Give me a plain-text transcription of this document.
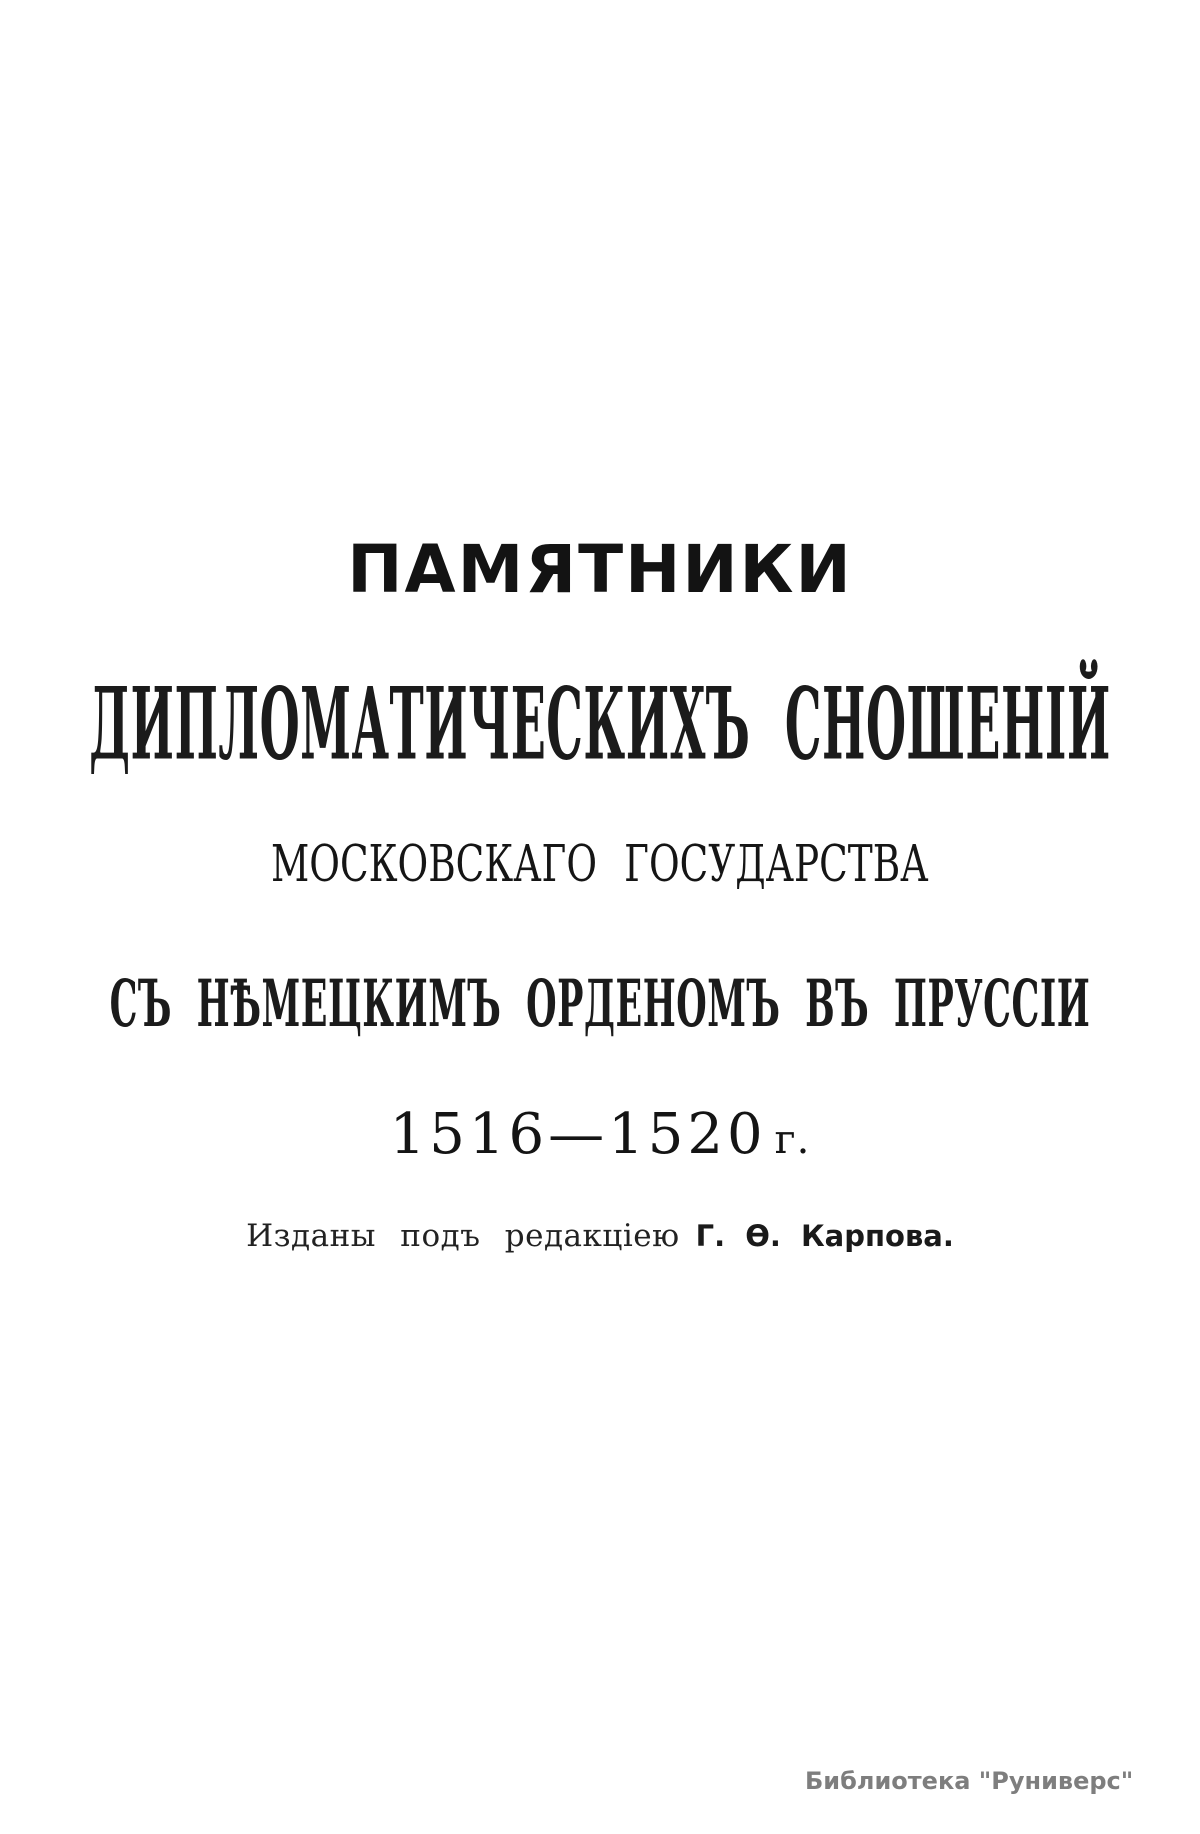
ПАМЯТНИКИ
ДИПЛОМАТИЧЕСКИХЪ СНОШЕНІЙ
МОСКОВСКАГО ГОСУДАРСТВА
СЪ НѢМЕЦКИМЪ ОРДЕНОМЪ ВЪ ПРУССІИ
1516—1520 г.
Изданы подъ редакціею Г. Ѳ. Карпова.
Библиотека "Руниверс"
